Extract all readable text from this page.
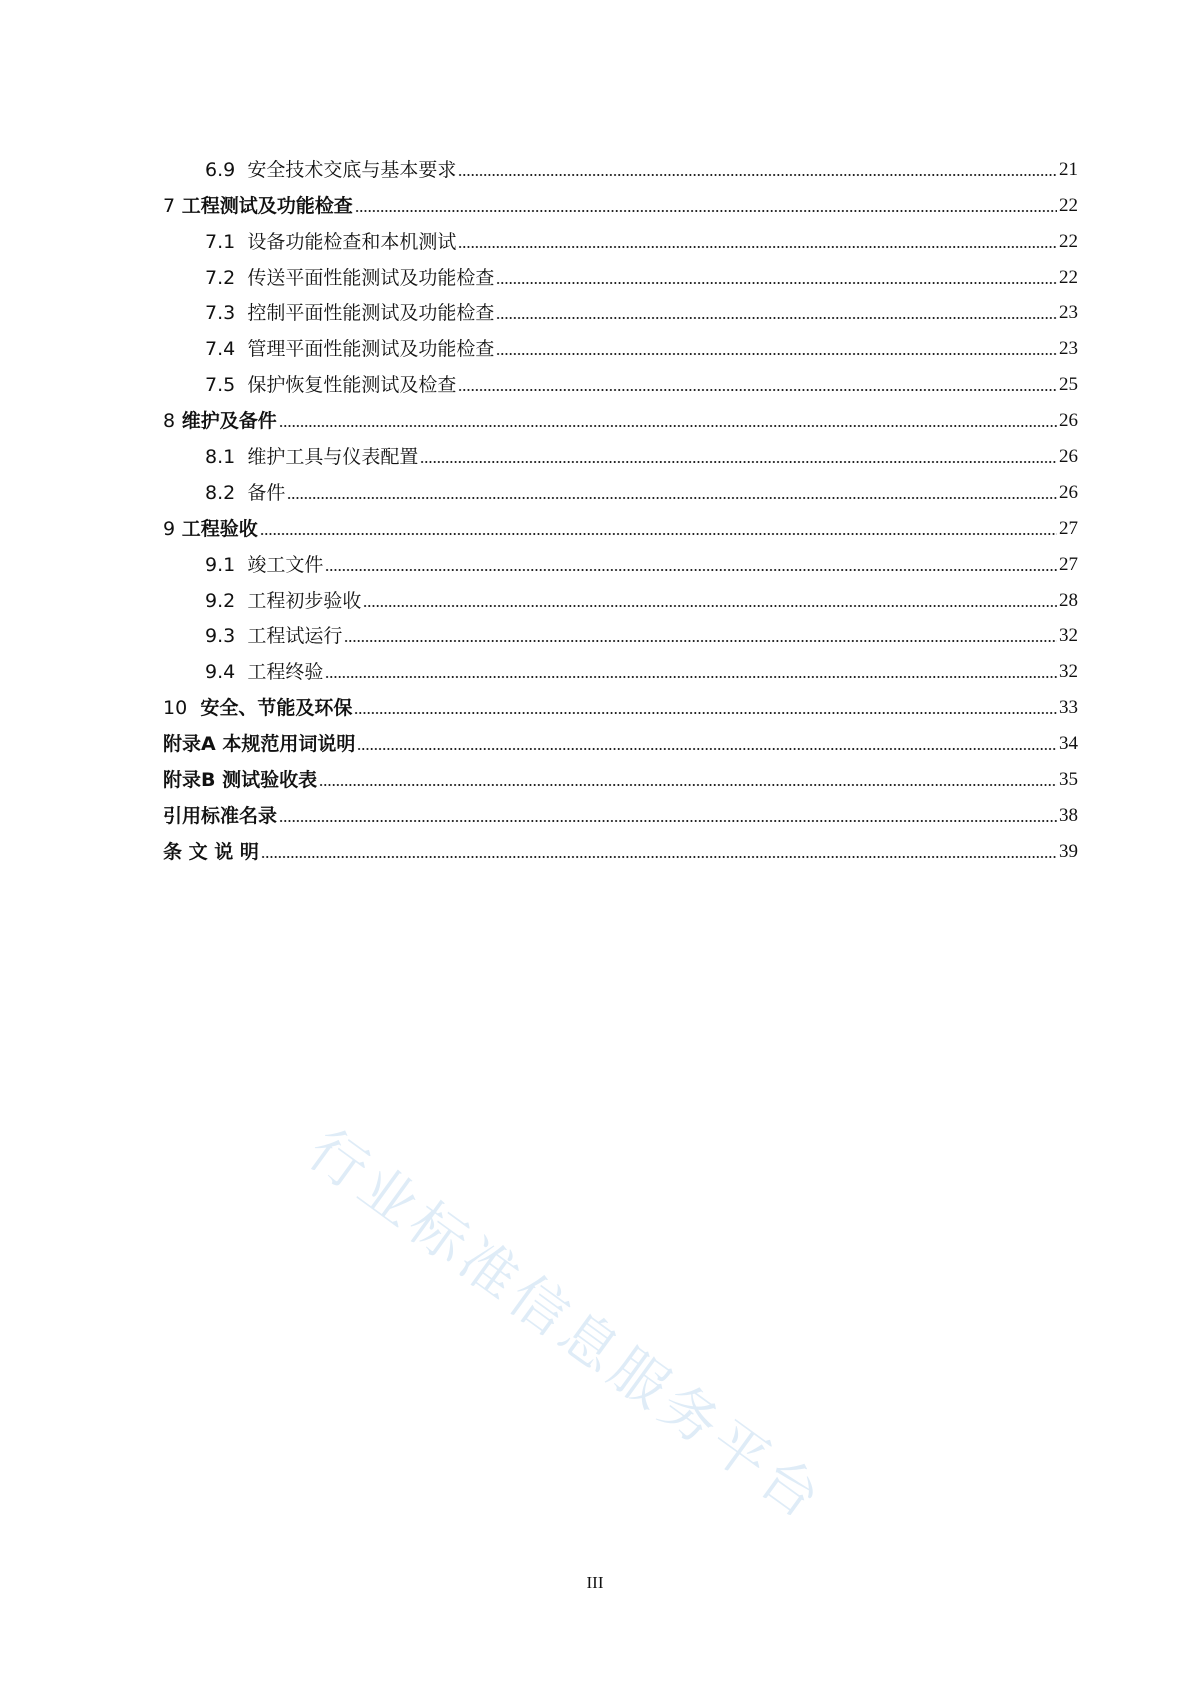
6.9 安全技术交底与基本要求	21
7 工程测试及功能检查	22
7.1 设备功能检查和本机测试	22
7.2 传送平面性能测试及功能检查	22
7.3 控制平面性能测试及功能检查	23
7.4 管理平面性能测试及功能检查	23
7.5 保护恢复性能测试及检查	25
8 维护及备件	26
8.1 维护工具与仪表配置	26
8.2 备件	26
9 工程验收	27
9.1 竣工文件	27
9.2 工程初步验收	28
9.3 工程试运行	32
9.4 工程终验	32
10 安全、节能及环保	33
附录A 本规范用词说明	34
附录B 测试验收表	35
引用标准名录	38
条 文 说 明	39
行业标准信息服务平台
III
